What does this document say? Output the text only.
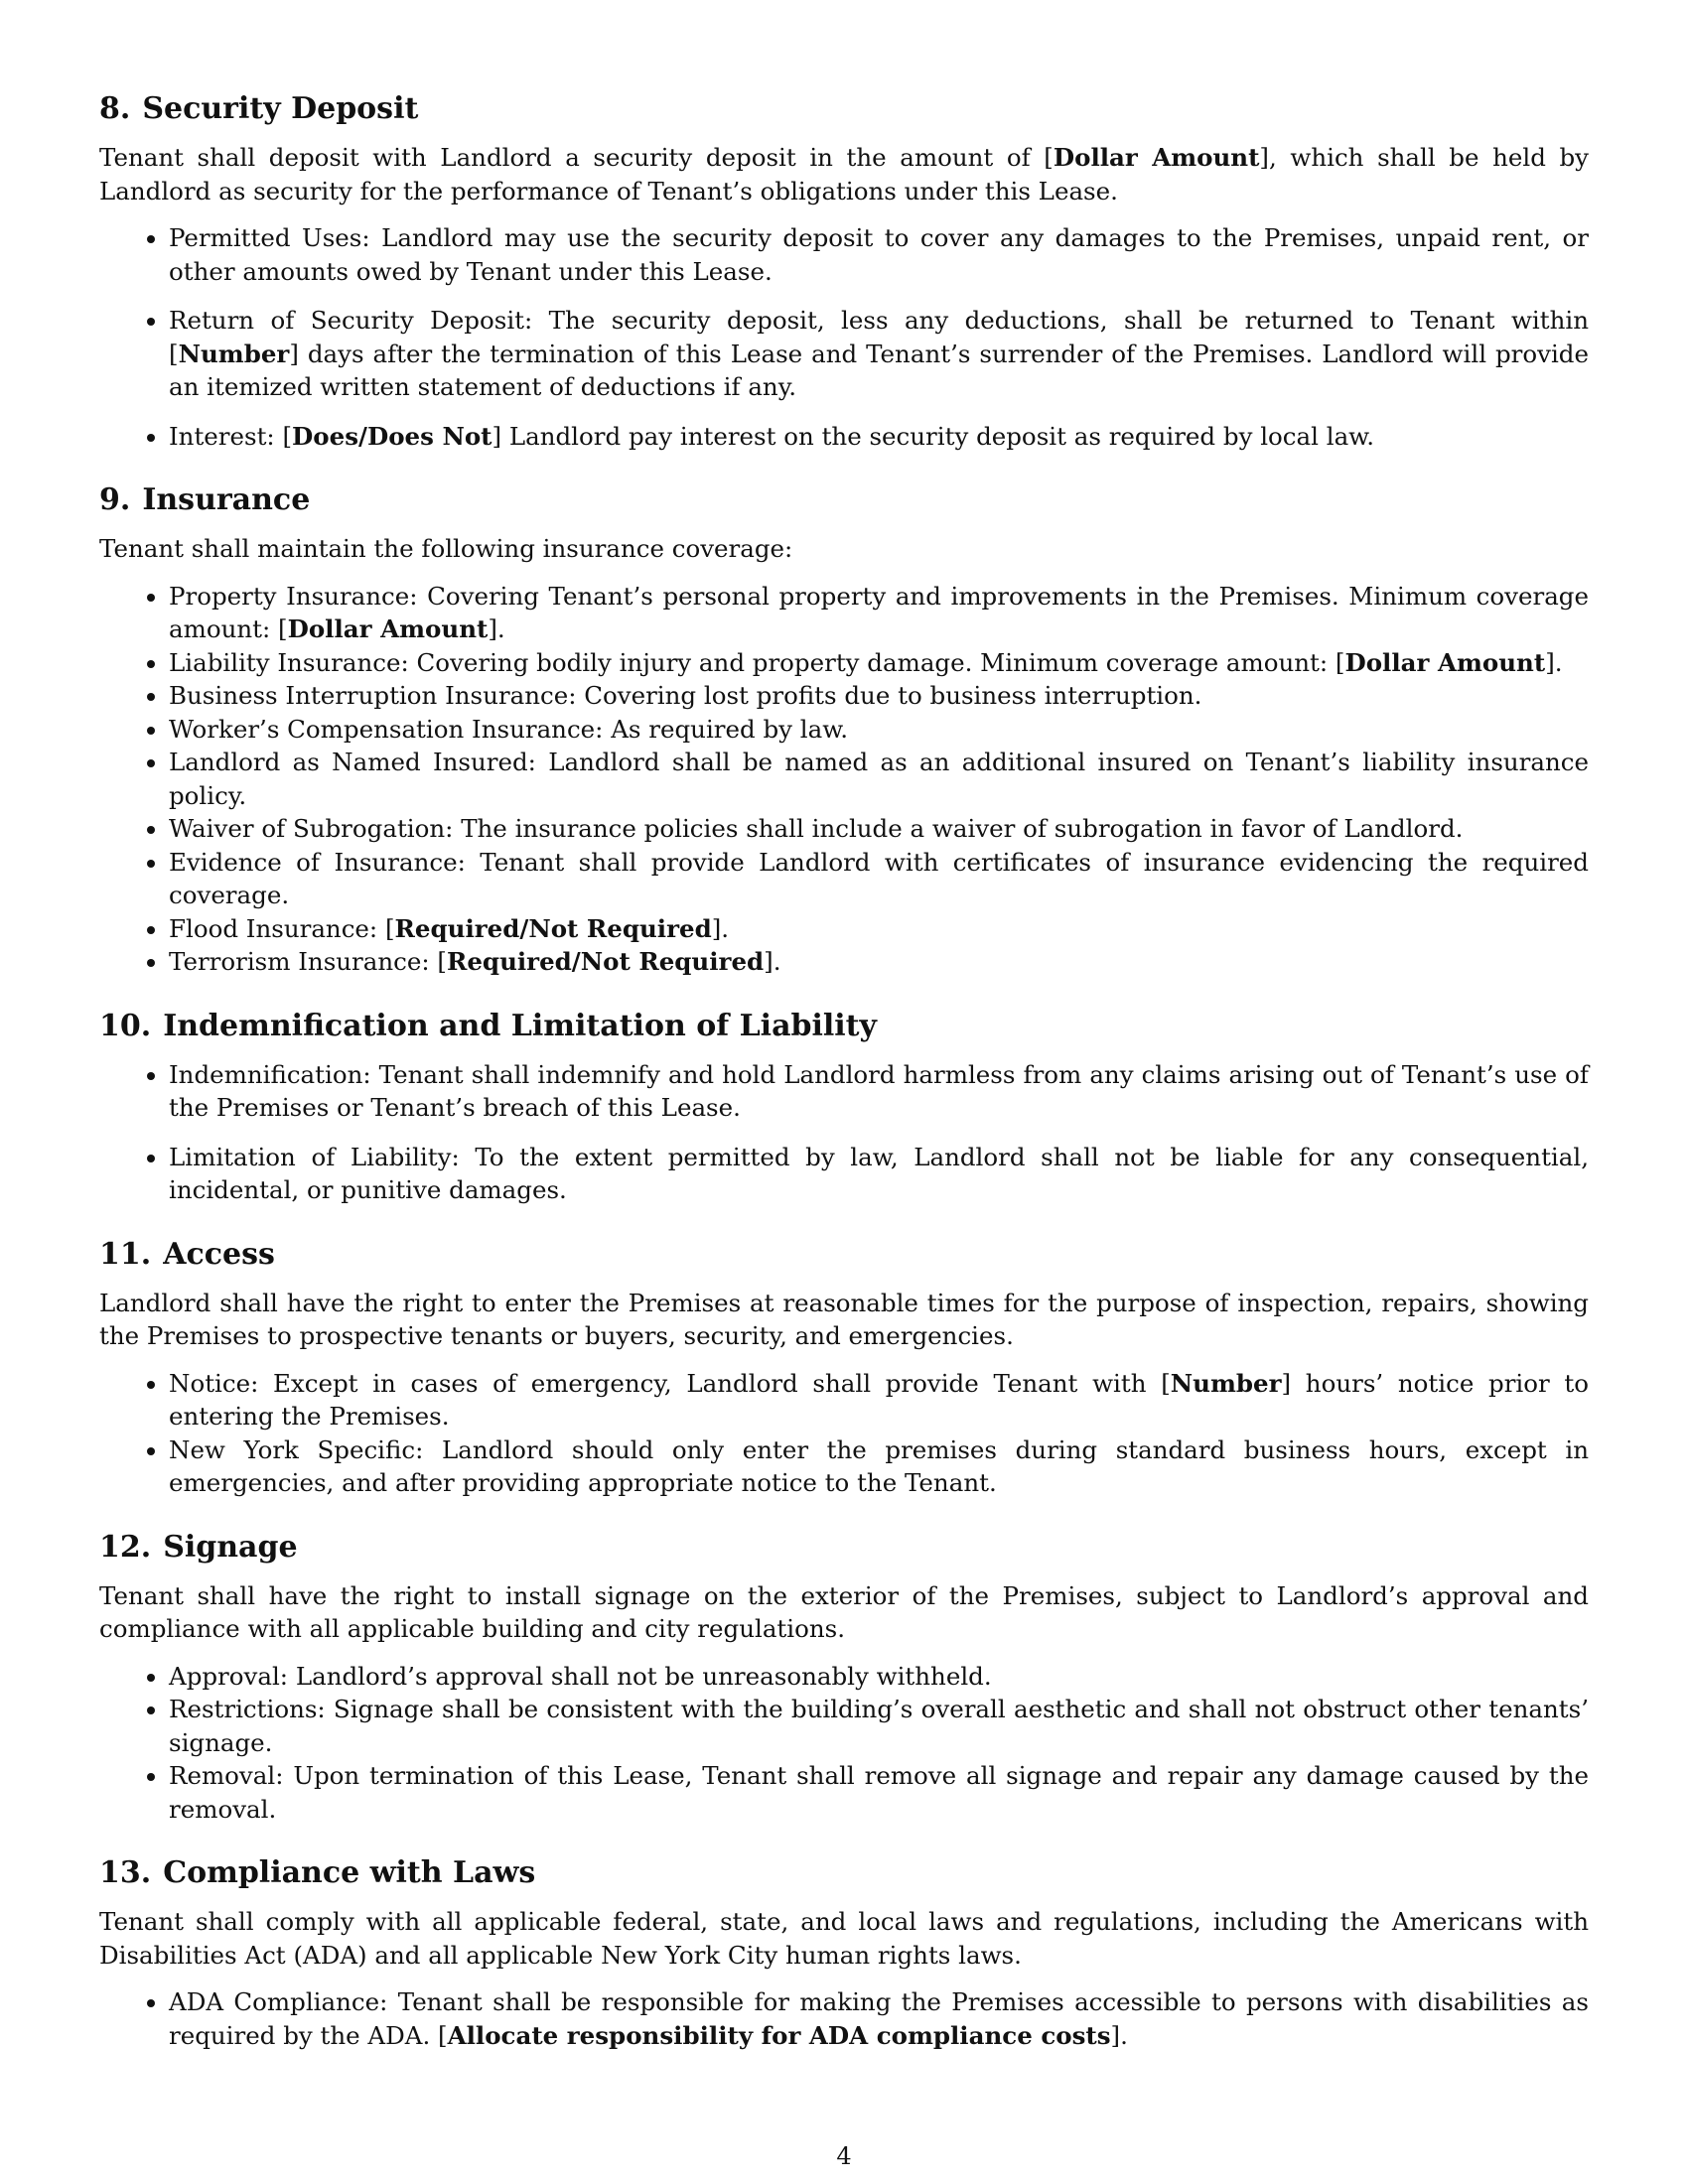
8. Security Deposit

Tenant shall deposit with Landlord a security deposit in the amount of [Dollar Amount], which shall be held by Landlord as security for the performance of Tenant’s obligations under this Lease.

• Permitted Uses: Landlord may use the security deposit to cover any damages to the Premises, unpaid rent, or other amounts owed by Tenant under this Lease.
• Return of Security Deposit: The security deposit, less any deductions, shall be returned to Tenant within [Number] days after the termination of this Lease and Tenant’s surrender of the Premises. Landlord will provide an itemized written statement of deductions if any.
• Interest: [Does/Does Not] Landlord pay interest on the security deposit as required by local law.
9. Insurance

Tenant shall maintain the following insurance coverage:

• Property Insurance: Covering Tenant’s personal property and improvements in the Premises. Minimum coverage amount: [Dollar Amount].
• Liability Insurance: Covering bodily injury and property damage. Minimum coverage amount: [Dollar Amount].
• Business Interruption Insurance: Covering lost profits due to business interruption.
• Worker’s Compensation Insurance: As required by law.
• Landlord as Named Insured: Landlord shall be named as an additional insured on Tenant’s liability insurance policy.
• Waiver of Subrogation: The insurance policies shall include a waiver of subrogation in favor of Landlord.
• Evidence of Insurance: Tenant shall provide Landlord with certificates of insurance evidencing the required coverage.
• Flood Insurance: [Required/Not Required].
• Terrorism Insurance: [Required/Not Required].
10. Indemnification and Limitation of Liability
• Indemnification: Tenant shall indemnify and hold Landlord harmless from any claims arising out of Tenant’s use of the Premises or Tenant’s breach of this Lease.
• Limitation of Liability: To the extent permitted by law, Landlord shall not be liable for any consequential, incidental, or punitive damages.
11. Access

Landlord shall have the right to enter the Premises at reasonable times for the purpose of inspection, repairs, showing the Premises to prospective tenants or buyers, security, and emergencies.

• Notice: Except in cases of emergency, Landlord shall provide Tenant with [Number] hours’ notice prior to entering the Premises.
• New York Specific: Landlord should only enter the premises during standard business hours, except in emergencies, and after providing appropriate notice to the Tenant.
12. Signage

Tenant shall have the right to install signage on the exterior of the Premises, subject to Landlord’s approval and compliance with all applicable building and city regulations.

• Approval: Landlord’s approval shall not be unreasonably withheld.
• Restrictions: Signage shall be consistent with the building’s overall aesthetic and shall not obstruct other tenants’ signage.
• Removal: Upon termination of this Lease, Tenant shall remove all signage and repair any damage caused by the removal.
13. Compliance with Laws

Tenant shall comply with all applicable federal, state, and local laws and regulations, including the Americans with Disabilities Act (ADA) and all applicable New York City human rights laws.

• ADA Compliance: Tenant shall be responsible for making the Premises accessible to persons with disabilities as required by the ADA. [Allocate responsibility for ADA compliance costs].
4
